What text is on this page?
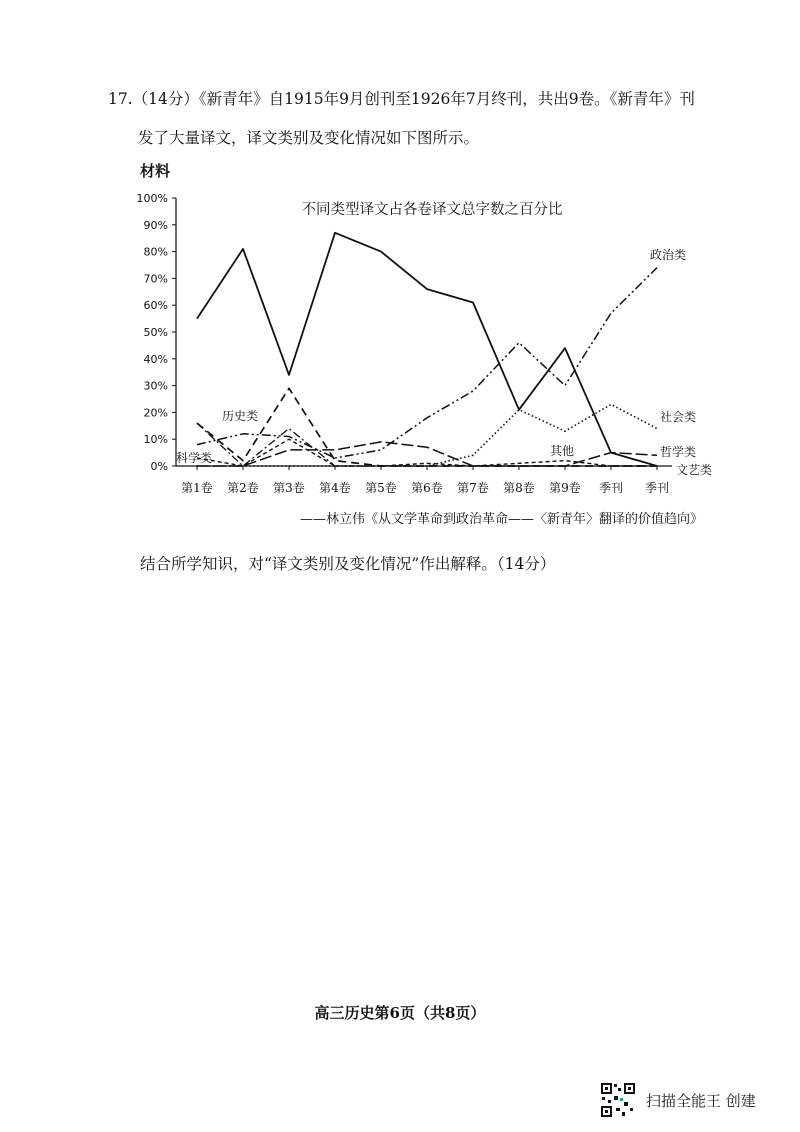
17.（14分）《新青年》自1915年9月创刊至1926年7月终刊，共出9卷。《新青年》刊
发了大量译文，译文类别及变化情况如下图所示。
材料
不同类型译文占各卷译文总字数之百分比
0%
10%
20%
30%
40%
50%
60%
70%
80%
90%
100%
第1卷 第2卷 第3卷 第4卷 第5卷 第6卷 第7卷 第8卷 第9卷 季刊 季刊
文艺类
政治类
社会类
历史类
科学类	哲学类
其他
——林立伟《从文学革命到政治革命——〈新青年〉翻译的价值趋向》
结合所学知识，对“译文类别及变化情况”作出解释。（14分）
高三历史第6页（共8页）
扫描全能王 创建
